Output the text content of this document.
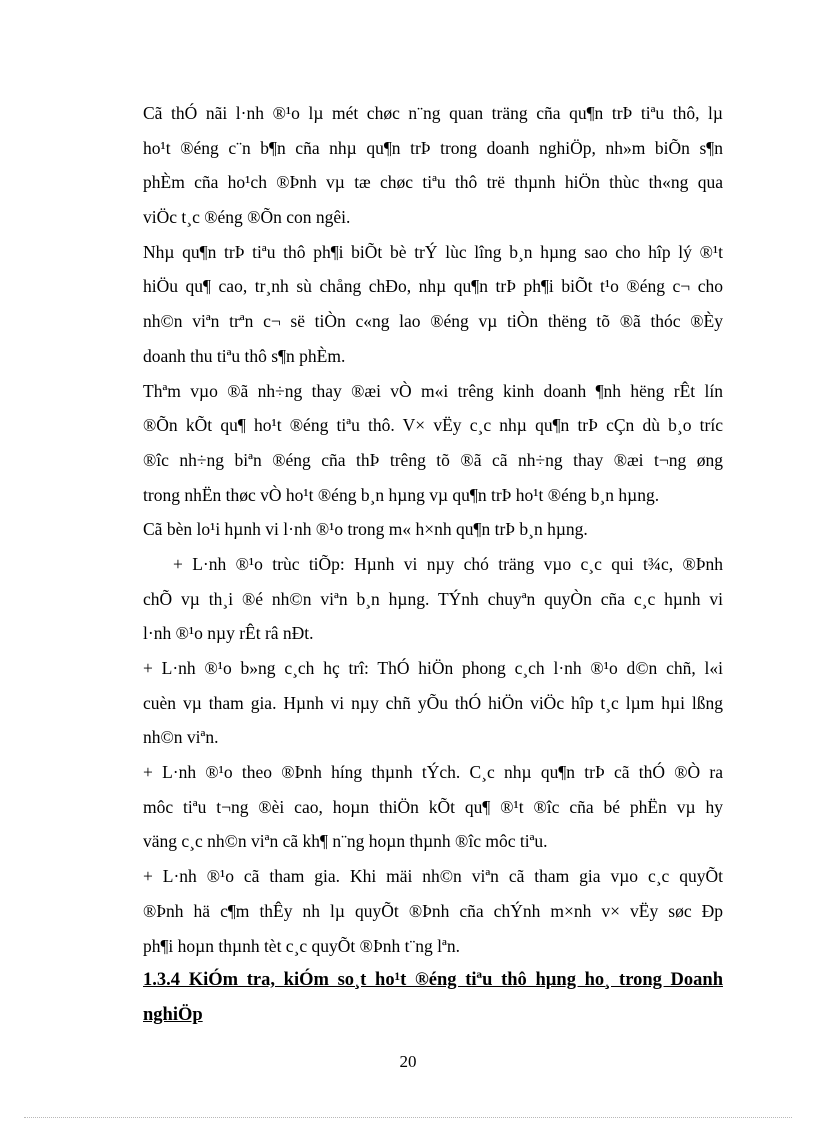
Cã thÓ nãi l·nh ®¹o lµ mét chøc n¨ng quan träng cña qu¶n trÞ tiªu thô, lµ
ho¹t ®éng c¨n b¶n cña nhµ qu¶n trÞ trong doanh nghiÖp, nh»m biÕn s¶n
phÈm cña ho¹ch ®Þnh vµ tæ chøc tiªu thô trë thµnh hiÖn thùc th«ng qua
viÖc t¸c ®éng ®Õn con ngêi.
Nhµ qu¶n trÞ tiªu thô ph¶i biÕt bè trÝ lùc lîng b¸n hµng sao cho hîp lý ®¹t
hiÖu qu¶ cao, tr¸nh sù chång chÐo, nhµ qu¶n trÞ ph¶i biÕt t¹o ®éng c¬ cho
nh©n viªn trªn c¬ së tiÒn c«ng lao ®éng vµ tiÒn thëng tõ ®ã thóc ®Èy
doanh thu tiªu thô s¶n phÈm.
Thªm vµo ®ã nh÷ng thay ®æi vÒ m«i trêng kinh doanh ¶nh hëng rÊt lín
®Õn kÕt qu¶ ho¹t ®éng tiªu thô. V× vËy c¸c nhµ qu¶n trÞ cÇn dù b¸o tríc
®îc nh÷ng biªn ®éng cña thÞ trêng tõ ®ã cã nh÷ng thay ®æi t¬ng øng
trong nhËn thøc vÒ ho¹t ®éng b¸n hµng vµ qu¶n trÞ ho¹t ®éng b¸n hµng.
Cã bèn lo¹i hµnh vi l·nh ®¹o trong m« h×nh qu¶n trÞ b¸n hµng.
+ L·nh ®¹o trùc tiÕp: Hµnh vi nµy chó träng vµo c¸c qui t¾c, ®Þnh
chÕ vµ th¸i ®é nh©n viªn b¸n hµng. TÝnh chuyªn quyÒn cña c¸c hµnh vi
l·nh ®¹o nµy rÊt râ nÐt.
+ L·nh ®¹o b»ng c¸ch hç trî: ThÓ hiÖn phong c¸ch l·nh ®¹o d©n chñ, l«i
cuèn vµ tham gia. Hµnh vi nµy chñ yÕu thÓ hiÖn viÖc hîp t¸c lµm hµi lßng
nh©n viªn.
+ L·nh ®¹o theo ®Þnh híng thµnh tÝch. C¸c nhµ qu¶n trÞ cã thÓ ®Ò ra
môc tiªu t¬ng ®èi cao, hoµn thiÖn kÕt qu¶ ®¹t ®îc cña bé phËn vµ hy
väng c¸c nh©n viªn cã kh¶ n¨ng hoµn thµnh ®îc môc tiªu.
+ L·nh ®¹o cã tham gia. Khi mäi nh©n viªn cã tham gia vµo c¸c quyÕt
®Þnh hä c¶m thÊy nh lµ quyÕt ®Þnh cña chÝnh m×nh v× vËy søc Ðp
ph¶i hoµn thµnh tèt c¸c quyÕt ®Þnh t¨ng lªn.
1.3.4 KiÓm tra, kiÓm so¸t ho¹t ®éng tiªu thô hµng ho¸ trong Doanh
nghiÖp
20
